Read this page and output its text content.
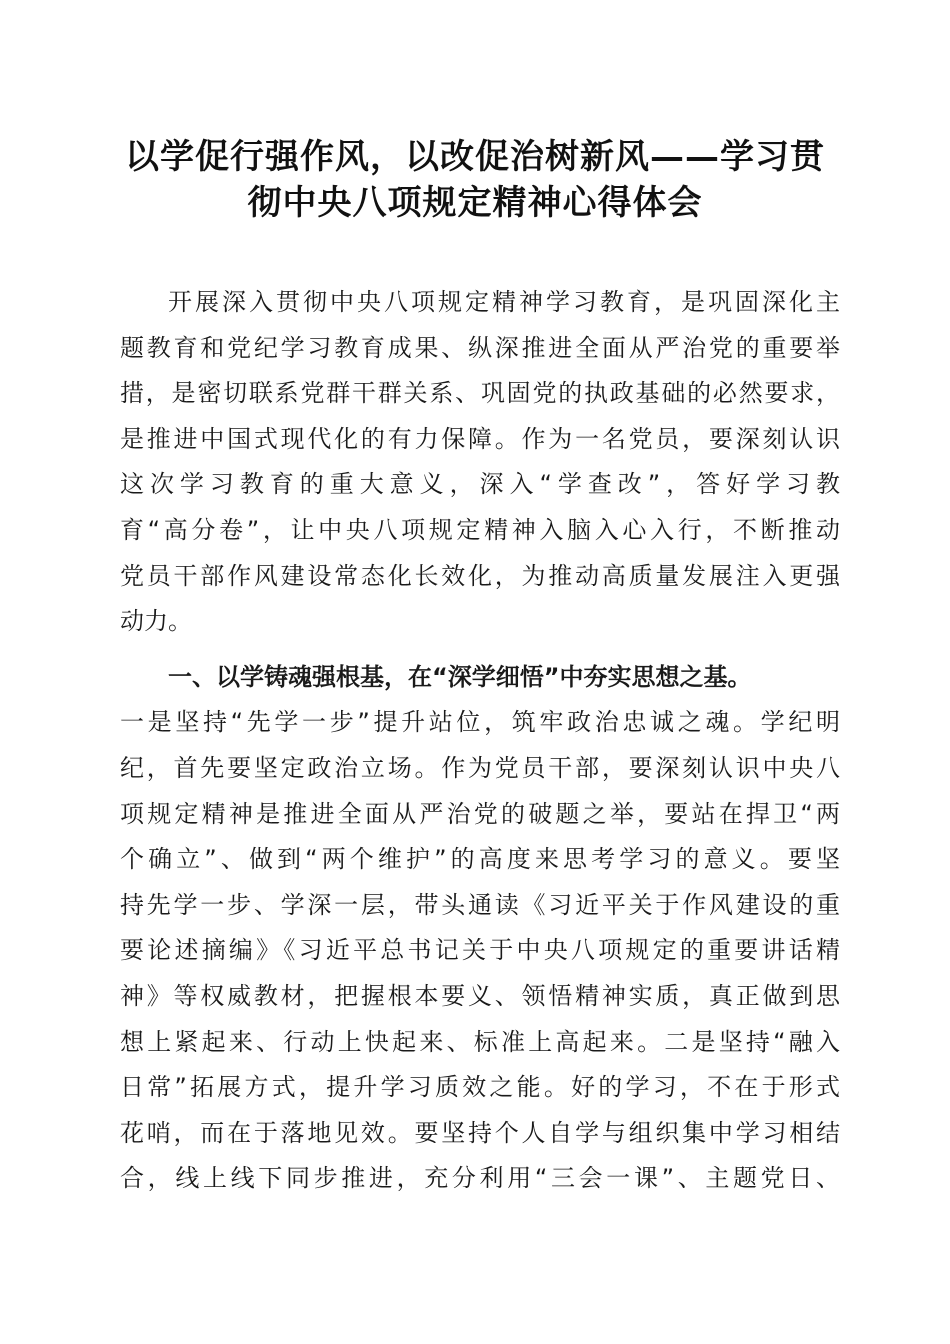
以学促行强作风，以改促治树新风——学习贯
彻中央八项规定精神心得体会
开展深入贯彻中央八项规定精神学习教育，是巩固深化主
题教育和党纪学习教育成果、纵深推进全面从严治党的重要举
措，是密切联系党群干群关系、巩固党的执政基础的必然要求，
是推进中国式现代化的有力保障。作为一名党员，要深刻认识
这次学习教育的重大意义，深入“学查改”，答好学习教
育“高分卷”，让中央八项规定精神入脑入心入行，不断推动
党员干部作风建设常态化长效化，为推动高质量发展注入更强
动力。
一、以学铸魂强根基，在“深学细悟”中夯实思想之基。
一是坚持“先学一步”提升站位，筑牢政治忠诚之魂。学纪明
纪，首先要坚定政治立场。作为党员干部，要深刻认识中央八
项规定精神是推进全面从严治党的破题之举，要站在捍卫“两
个确立”、做到“两个维护”的高度来思考学习的意义。要坚
持先学一步、学深一层，带头通读《习近平关于作风建设的重
要论述摘编》《习近平总书记关于中央八项规定的重要讲话精
神》等权威教材，把握根本要义、领悟精神实质，真正做到思
想上紧起来、行动上快起来、标准上高起来。二是坚持“融入
日常”拓展方式，提升学习质效之能。好的学习，不在于形式
花哨，而在于落地见效。要坚持个人自学与组织集中学习相结
合，线上线下同步推进，充分利用“三会一课”、主题党日、
